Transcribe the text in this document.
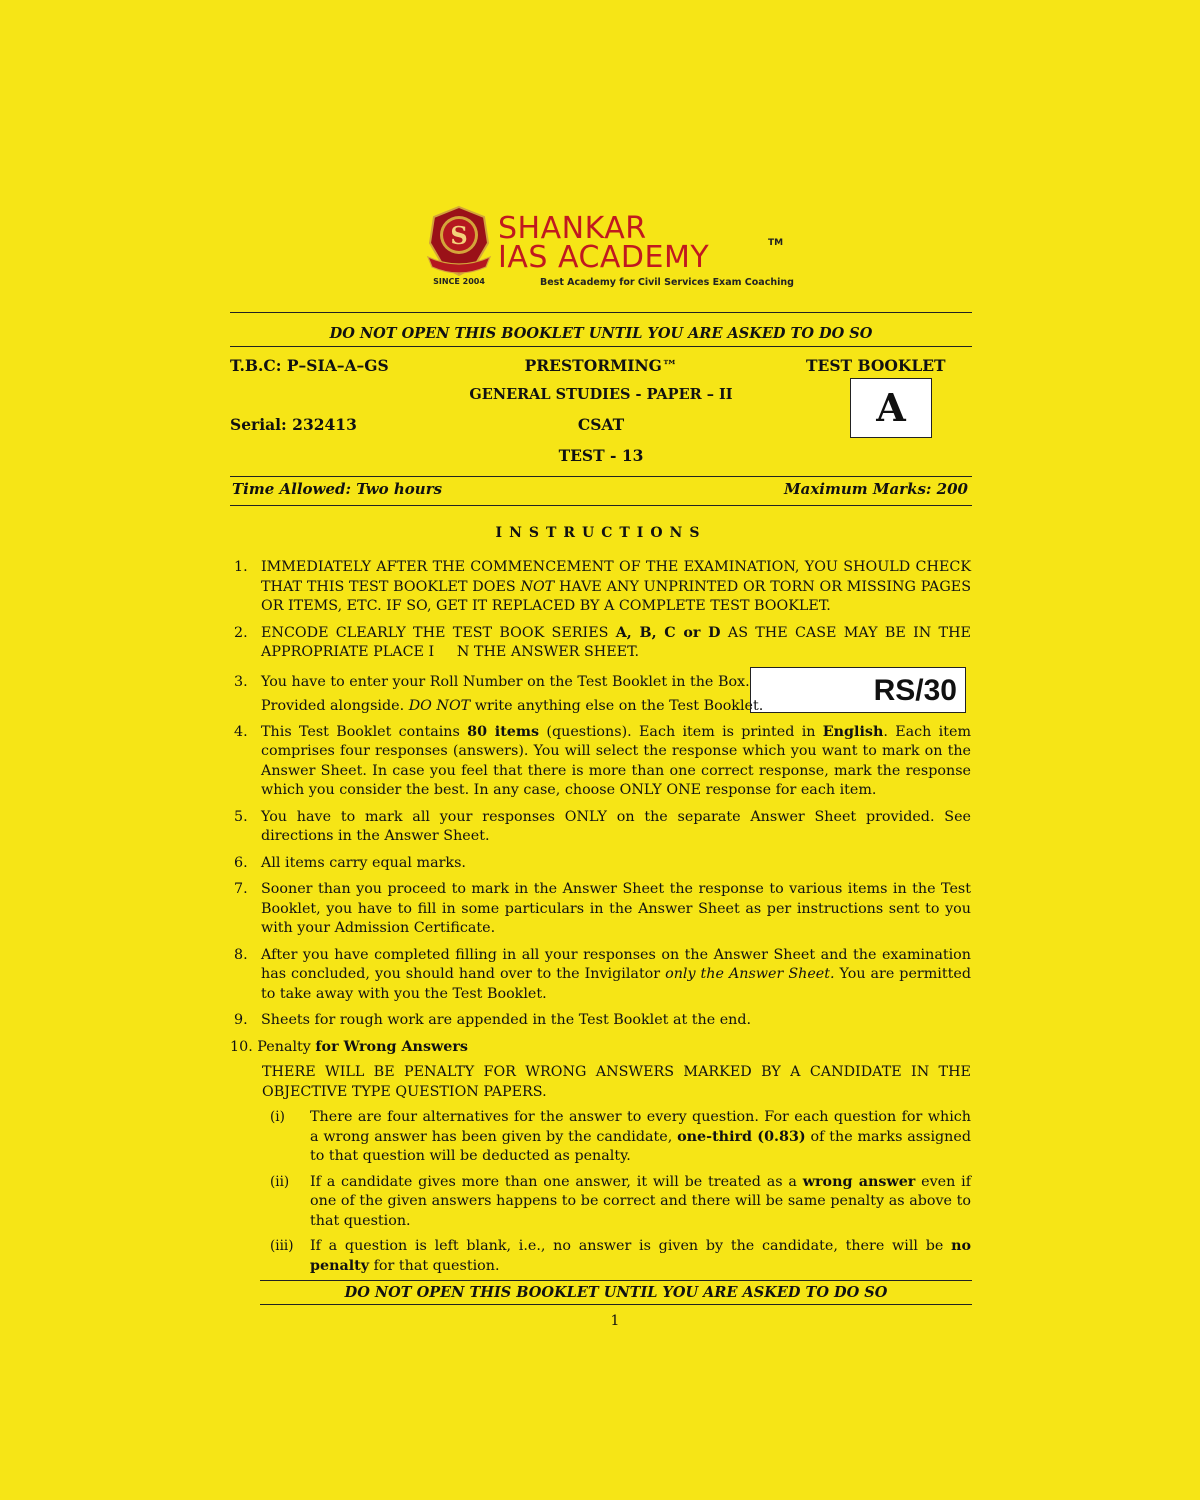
S
SINCE 2004
SHANKAR
IAS ACADEMY	TM
Best Academy for Civil Services Exam Coaching
DO NOT OPEN THIS BOOKLET UNTIL YOU ARE ASKED TO DO SO
T.B.C: P–SIA–A–GS	PRESTORMING™	TEST BOOKLET
GENERAL STUDIES - PAPER – II	A
Serial: 232413	CSAT
TEST - 13
Time Allowed: Two hours	Maximum Marks: 200
INSTRUCTIONS
RS/30
1. IMMEDIATELY AFTER THE COMMENCEMENT OF THE EXAMINATION, YOU SHOULD CHECK THAT THIS TEST BOOKLET DOES NOT HAVE ANY UNPRINTED OR TORN OR MISSING PAGES OR ITEMS, ETC. IF SO, GET IT REPLACED BY A COMPLETE TEST BOOKLET.
2. ENCODE CLEARLY THE TEST BOOK SERIES A, B, C or D AS THE CASE MAY BE IN THE APPROPRIATE PLACE I     N THE ANSWER SHEET.
3. You have to enter your Roll Number on the Test Booklet in the Box.
Provided alongside. DO NOT write anything else on the Test Booklet.
4. This Test Booklet contains 80 items (questions). Each item is printed in English. Each item comprises four responses (answers). You will select the response which you want to mark on the Answer Sheet. In case you feel that there is more than one correct response, mark the response which you consider the best. In any case, choose ONLY ONE response for each item.
5. You have to mark all your responses ONLY on the separate Answer Sheet provided. See directions in the Answer Sheet.
6. All items carry equal marks.
7. Sooner than you proceed to mark in the Answer Sheet the response to various items in the Test Booklet, you have to fill in some particulars in the Answer Sheet as per instructions sent to you with your Admission Certificate.
8. After you have completed filling in all your responses on the Answer Sheet and the examination has concluded, you should hand over to the Invigilator only the Answer Sheet. You are permitted to take away with you the Test Booklet.
9. Sheets for rough work are appended in the Test Booklet at the end.
10. Penalty for Wrong Answers
THERE WILL BE PENALTY FOR WRONG ANSWERS MARKED BY A CANDIDATE IN THE OBJECTIVE TYPE QUESTION PAPERS.
(i)	There are four alternatives for the answer to every question. For each question for which a wrong answer has been given by the candidate, one-third (0.83) of the marks assigned to that question will be deducted as penalty.
(ii)	If a candidate gives more than one answer, it will be treated as a wrong answer even if one of the given answers happens to be correct and there will be same penalty as above to that question.
(iii)	If a question is left blank, i.e., no answer is given by the candidate, there will be no penalty for that question.
DO NOT OPEN THIS BOOKLET UNTIL YOU ARE ASKED TO DO SO
1
